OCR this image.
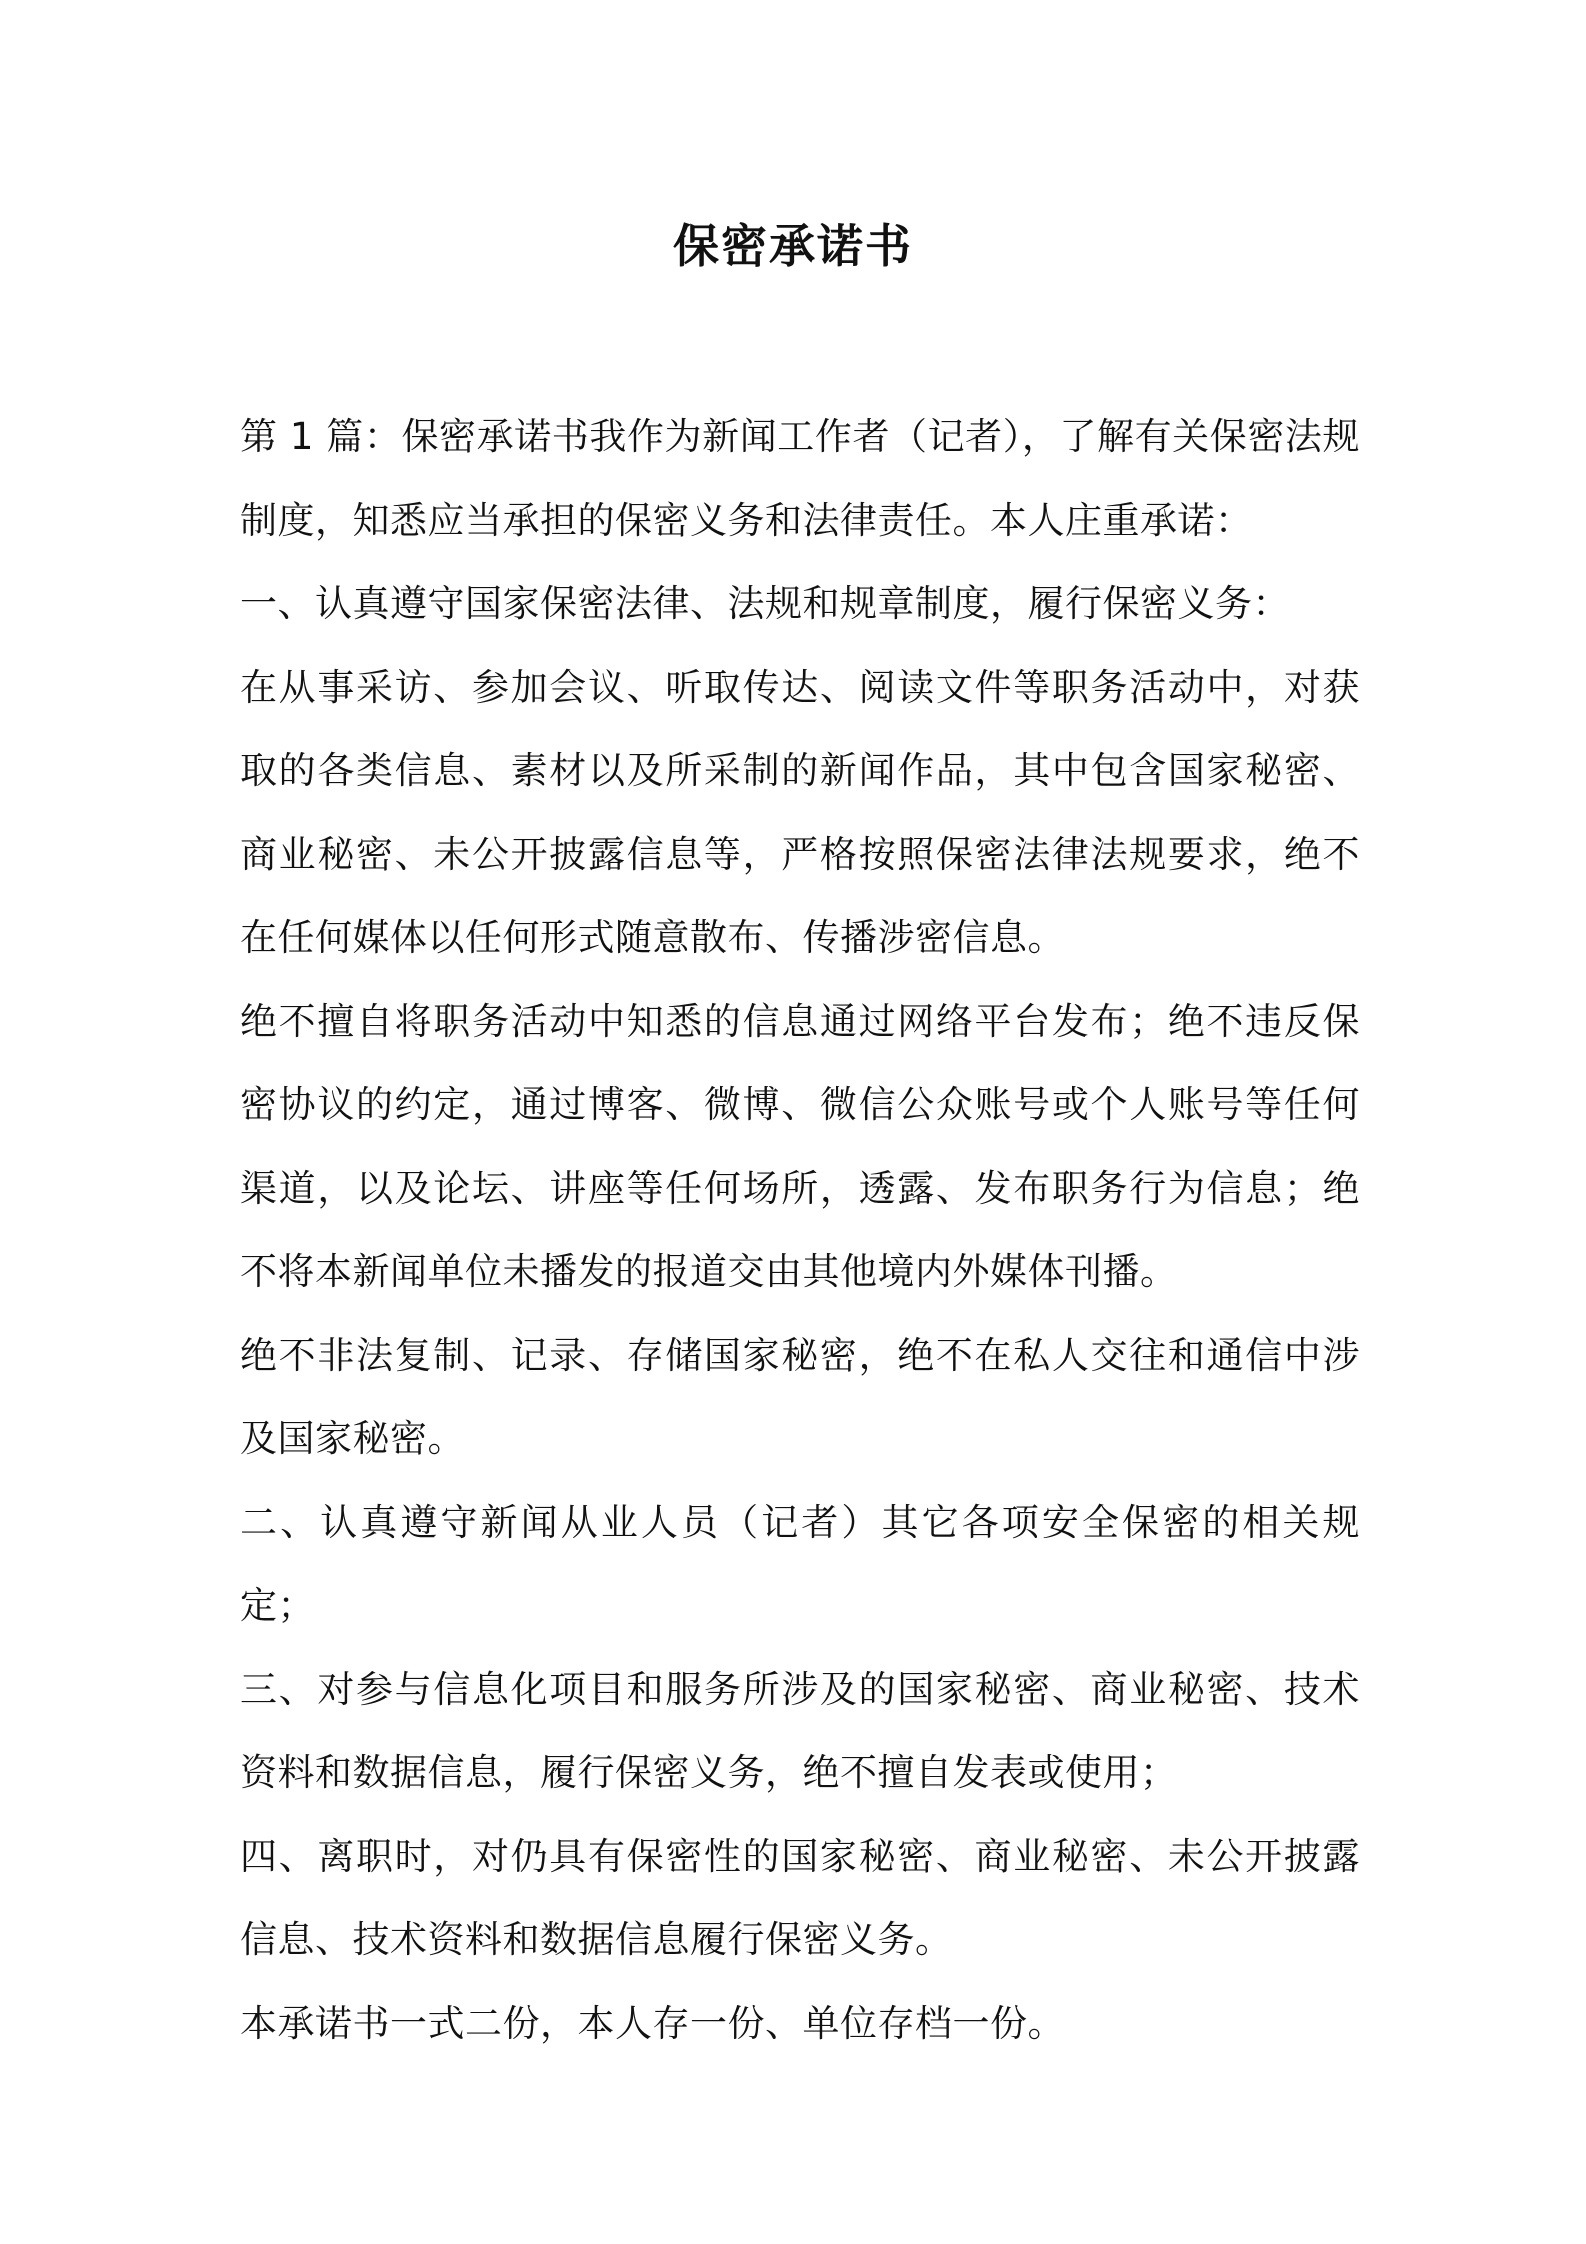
保密承诺书

第 1 篇：保密承诺书我作为新闻工作者（记者），了解有关保密法规制度，知悉应当承担的保密义务和法律责任。本人庄重承诺：

一、认真遵守国家保密法律、法规和规章制度，履行保密义务：

在从事采访、参加会议、听取传达、阅读文件等职务活动中，对获取的各类信息、素材以及所采制的新闻作品，其中包含国家秘密、商业秘密、未公开披露信息等，严格按照保密法律法规要求，绝不在任何媒体以任何形式随意散布、传播涉密信息。

绝不擅自将职务活动中知悉的信息通过网络平台发布；绝不违反保密协议的约定，通过博客、微博、微信公众账号或个人账号等任何渠道，以及论坛、讲座等任何场所，透露、发布职务行为信息；绝不将本新闻单位未播发的报道交由其他境内外媒体刊播。

绝不非法复制、记录、存储国家秘密，绝不在私人交往和通信中涉及国家秘密。

二、认真遵守新闻从业人员（记者）其它各项安全保密的相关规定；

三、对参与信息化项目和服务所涉及的国家秘密、商业秘密、技术资料和数据信息，履行保密义务，绝不擅自发表或使用；

四、离职时，对仍具有保密性的国家秘密、商业秘密、未公开披露信息、技术资料和数据信息履行保密义务。

本承诺书一式二份，本人存一份、单位存档一份。
